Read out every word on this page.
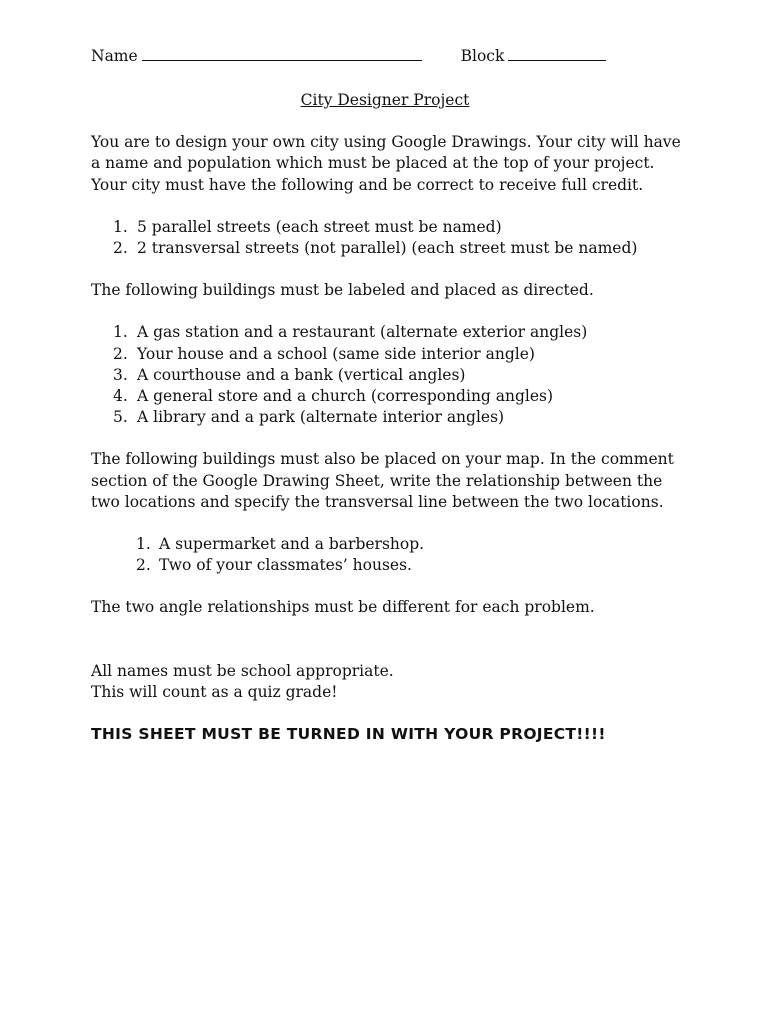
Name	Block
City Designer Project

You are to design your own city using Google Drawings. Your city will have a name and population which must be placed at the top of your project. Your city must have the following and be correct to receive full credit.

1. 5 parallel streets (each street must be named)
2. 2 transversal streets (not parallel) (each street must be named)

The following buildings must be labeled and placed as directed.

1. A gas station and a restaurant (alternate exterior angles)
2. Your house and a school (same side interior angle)
3. A courthouse and a bank (vertical angles)
4. A general store and a church (corresponding angles)
5. A library and a park (alternate interior angles)

The following buildings must also be placed on your map. In the comment section of the Google Drawing Sheet, write the relationship between the two locations and specify the transversal line between the two locations.

1. A supermarket and a barbershop.
2. Two of your classmates’ houses.

The two angle relationships must be different for each problem.

All names must be school appropriate.

This will count as a quiz grade!

THIS SHEET MUST BE TURNED IN WITH YOUR PROJECT!!!!
